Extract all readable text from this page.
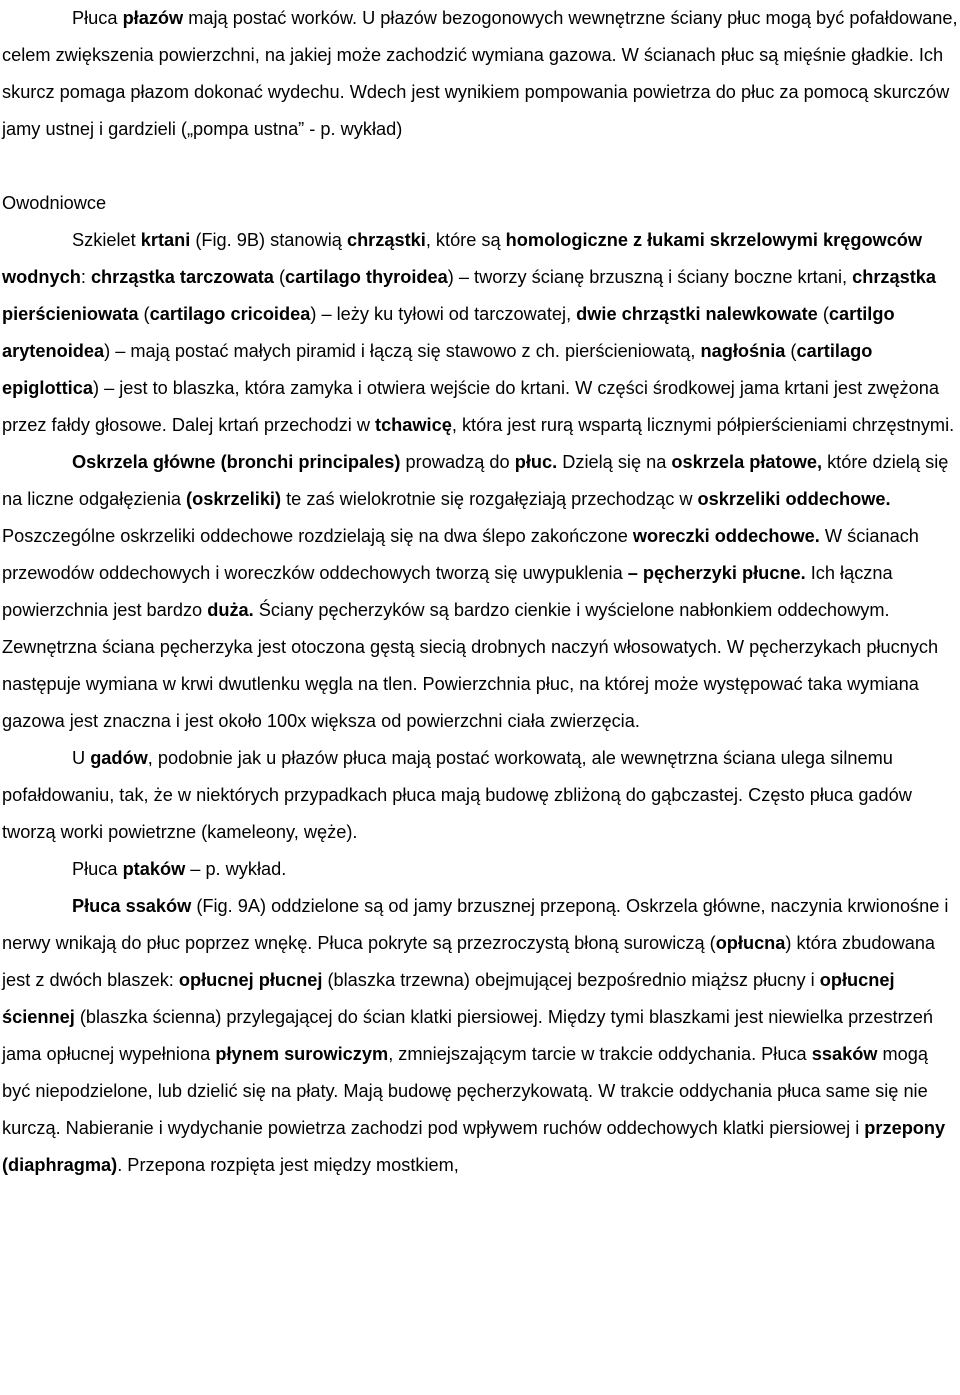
Płuca płazów mają postać worków. U płazów bezogonowych wewnętrzne ściany płuc mogą być pofałdowane, celem zwiększenia powierzchni, na jakiej może zachodzić wymiana gazowa. W ścianach płuc są mięśnie gładkie. Ich skurcz pomaga płazom dokonać wydechu. Wdech jest wynikiem pompowania powietrza do płuc za pomocą skurczów jamy ustnej i gardzieli („pompa ustna” - p. wykład)

Owodniowce

Szkielet krtani (Fig. 9B) stanowią chrząstki, które są homologiczne z łukami skrzelowymi kręgowców wodnych: chrząstka tarczowata (cartilago thyroidea) – tworzy ścianę brzuszną i ściany boczne krtani, chrząstka pierścieniowata (cartilago cricoidea) – leży ku tyłowi od tarczowatej, dwie chrząstki nalewkowate (cartilgo arytenoidea) – mają postać małych piramid i łączą się stawowo z ch. pierścieniowatą, nagłośnia (cartilago epiglottica) – jest to blaszka, która zamyka i otwiera wejście do krtani. W części środkowej jama krtani jest zwężona przez fałdy głosowe. Dalej krtań przechodzi w tchawicę, która jest rurą wspartą licznymi półpierścieniami chrzęstnymi.

Oskrzela główne (bronchi principales) prowadzą do płuc. Dzielą się na oskrzela płatowe, które dzielą się na liczne odgałęzienia (oskrzeliki) te zaś wielokrotnie się rozgałęziają przechodząc w oskrzeliki oddechowe. Poszczególne oskrzeliki oddechowe rozdzielają się na dwa ślepo zakończone woreczki oddechowe. W ścianach przewodów oddechowych i woreczków oddechowych tworzą się uwypuklenia – pęcherzyki płucne. Ich łączna powierzchnia jest bardzo duża. Ściany pęcherzyków są bardzo cienkie i wyścielone nabłonkiem oddechowym. Zewnętrzna ściana pęcherzyka jest otoczona gęstą siecią drobnych naczyń włosowatych. W pęcherzykach płucnych następuje wymiana w krwi dwutlenku węgla na tlen. Powierzchnia płuc, na której może występować taka wymiana gazowa jest znaczna i jest około 100x większa od powierzchni ciała zwierzęcia.

U gadów, podobnie jak u płazów płuca mają postać workowatą, ale wewnętrzna ściana ulega silnemu pofałdowaniu, tak, że w niektórych przypadkach płuca mają budowę zbliżoną do gąbczastej. Często płuca gadów tworzą worki powietrzne (kameleony, węże).

Płuca ptaków – p. wykład.

Płuca ssaków (Fig. 9A) oddzielone są od jamy brzusznej przeponą. Oskrzela główne, naczynia krwionośne i nerwy wnikają do płuc poprzez wnękę. Płuca pokryte są przezroczystą błoną surowiczą (opłucna) która zbudowana jest z dwóch blaszek: opłucnej płucnej (blaszka trzewna) obejmującej bezpośrednio miąższ płucny i opłucnej ściennej (blaszka ścienna) przylegającej do ścian klatki piersiowej. Między tymi blaszkami jest niewielka przestrzeń jama opłucnej wypełniona płynem surowiczym, zmniejszającym tarcie w trakcie oddychania. Płuca ssaków mogą być niepodzielone, lub dzielić się na płaty. Mają budowę pęcherzykowatą. W trakcie oddychania płuca same się nie kurczą. Nabieranie i wydychanie powietrza zachodzi pod wpływem ruchów oddechowych klatki piersiowej i przepony (diaphragma). Przepona rozpięta jest między mostkiem,
